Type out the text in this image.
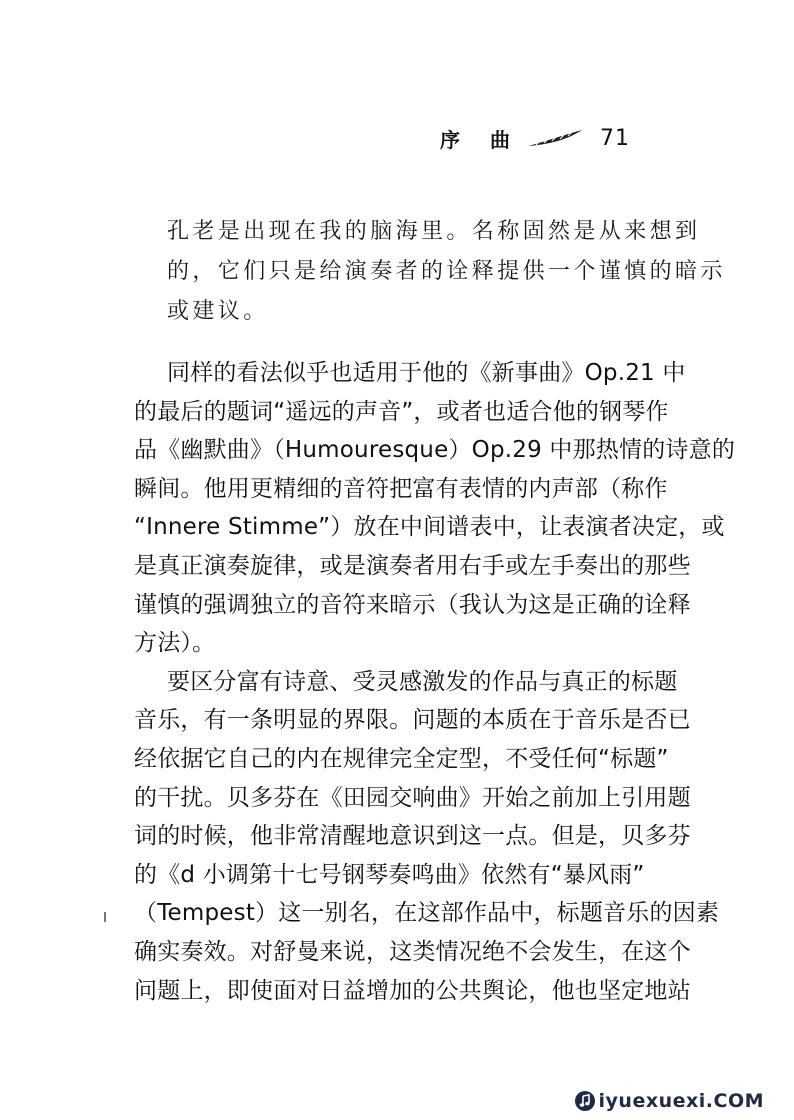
序曲	71
孔老是出现在我的脑海里。名称固然是从来想到
的，它们只是给演奏者的诠释提供一个谨慎的暗示
或建议。
同样的看法似乎也适用于他的《新事曲》Op.21 中
的最后的题词“遥远的声音”，或者也适合他的钢琴作
品《幽默曲》（Humouresque）Op.29 中那热情的诗意的
瞬间。他用更精细的音符把富有表情的内声部（称作
“Innere Stimme”）放在中间谱表中，让表演者决定，或
是真正演奏旋律，或是演奏者用右手或左手奏出的那些
谨慎的强调独立的音符来暗示（我认为这是正确的诠释
方法）。
要区分富有诗意、受灵感激发的作品与真正的标题
音乐，有一条明显的界限。问题的本质在于音乐是否已
经依据它自己的内在规律完全定型，不受任何“标题”
的干扰。贝多芬在《田园交响曲》开始之前加上引用题
词的时候，他非常清醒地意识到这一点。但是，贝多芬
的《d 小调第十七号钢琴奏鸣曲》依然有“暴风雨”
（Tempest）这一别名，在这部作品中，标题音乐的因素
确实奏效。对舒曼来说，这类情况绝不会发生，在这个
问题上，即使面对日益增加的公共舆论，他也坚定地站
iyuexuexi.COM
